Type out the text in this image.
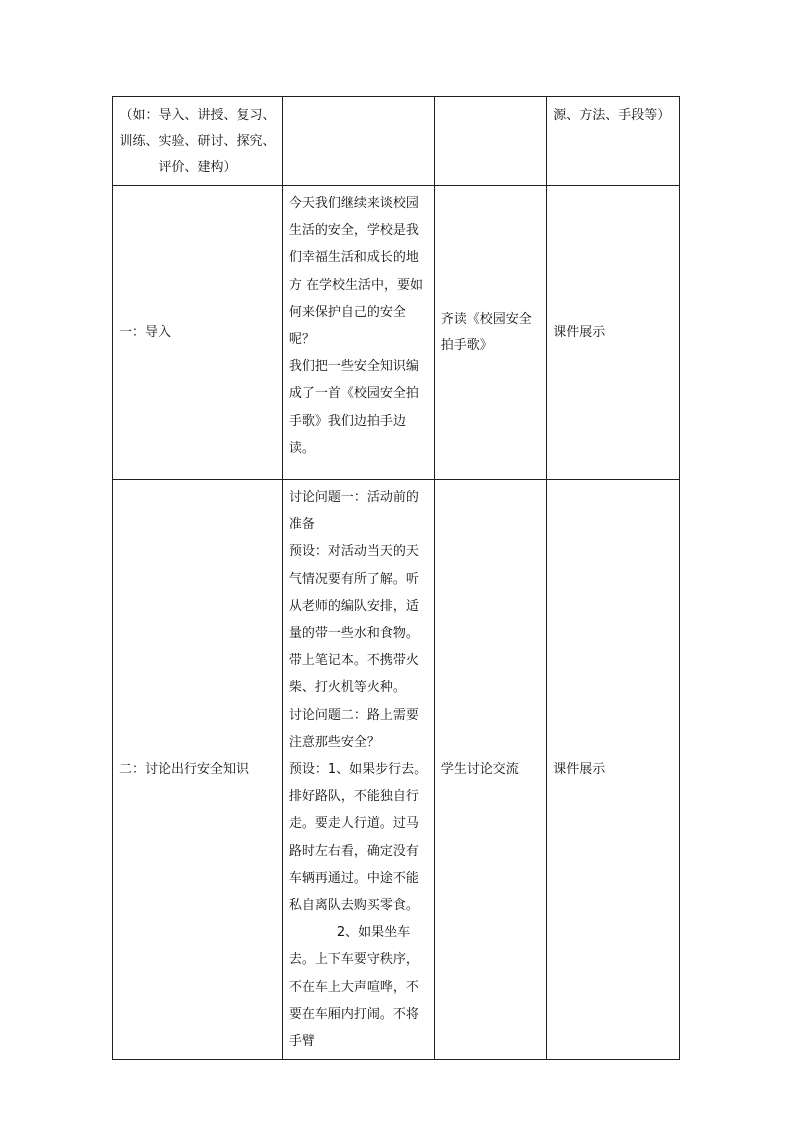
（如：导入、讲授、复习、训练、实验、研讨、探究、评价、建构）			源、方法、手段等）
一：导入	今天我们继续来谈校园生活的安全，学校是我们幸福生活和成长的地方 在学校生活中，要如何来保护自己的安全呢？
我们把一些安全知识编成了一首《校园安全拍手歌》我们边拍手边读。	齐读《校园安全拍手歌》	课件展示
二：讨论出行安全知识	讨论问题一：活动前的准备
预设：对活动当天的天气情况要有所了解。听从老师的编队安排，适量的带一些水和食物。带上笔记本。不携带火柴、打火机等火种。
讨论问题二：路上需要注意那些安全？
预设：1、如果步行去。排好路队，不能独自行走。要走人行道。过马路时左右看，确定没有车辆再通过。中途不能私自离队去购买零食。
2、如果坐车去。上下车要守秩序，不在车上大声喧哗，不要在车厢内打闹。不将手臂	学生讨论交流	课件展示
